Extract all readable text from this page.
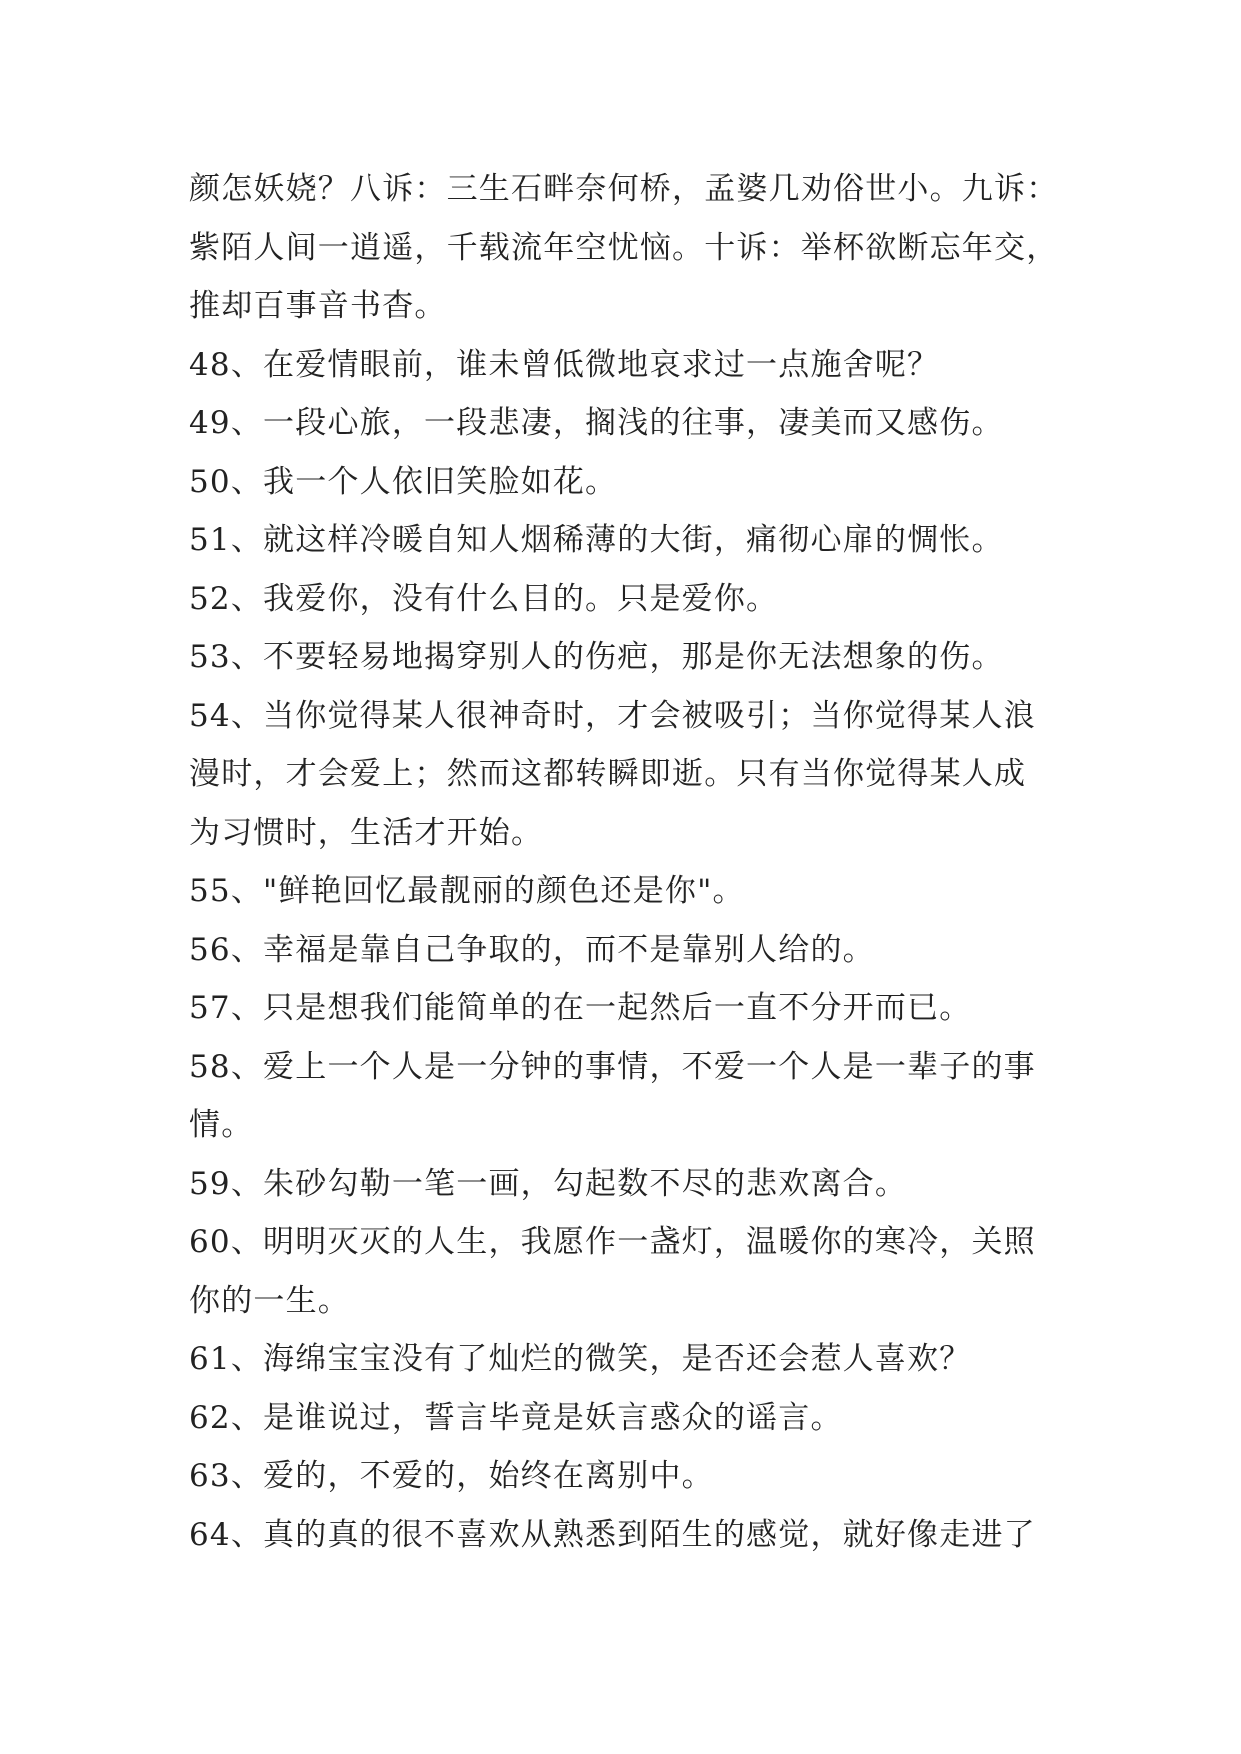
颜怎妖娆？八诉：三生石畔奈何桥，孟婆几劝俗世小。九诉：
紫陌人间一逍遥，千载流年空忧恼。十诉：举杯欲断忘年交，
推却百事音书杳。
48、在爱情眼前，谁未曾低微地哀求过一点施舍呢？
49、一段心旅，一段悲凄，搁浅的往事，凄美而又感伤。
50、我一个人依旧笑脸如花。
51、就这样冷暖自知人烟稀薄的大街，痛彻心扉的惆怅。
52、我爱你，没有什么目的。只是爱你。
53、不要轻易地揭穿别人的伤疤，那是你无法想象的伤。
54、当你觉得某人很神奇时，才会被吸引；当你觉得某人浪
漫时，才会爱上；然而这都转瞬即逝。只有当你觉得某人成
为习惯时，生活才开始。
55、"鲜艳回忆最靓丽的颜色还是你"。
56、幸福是靠自己争取的，而不是靠别人给的。
57、只是想我们能简单的在一起然后一直不分开而已。
58、爱上一个人是一分钟的事情，不爱一个人是一辈子的事
情。
59、朱砂勾勒一笔一画，勾起数不尽的悲欢离合。
60、明明灭灭的人生，我愿作一盏灯，温暖你的寒冷，关照
你的一生。
61、海绵宝宝没有了灿烂的微笑，是否还会惹人喜欢？
62、是谁说过，誓言毕竟是妖言惑众的谣言。
63、爱的，不爱的，始终在离别中。
64、真的真的很不喜欢从熟悉到陌生的感觉，就好像走进了
